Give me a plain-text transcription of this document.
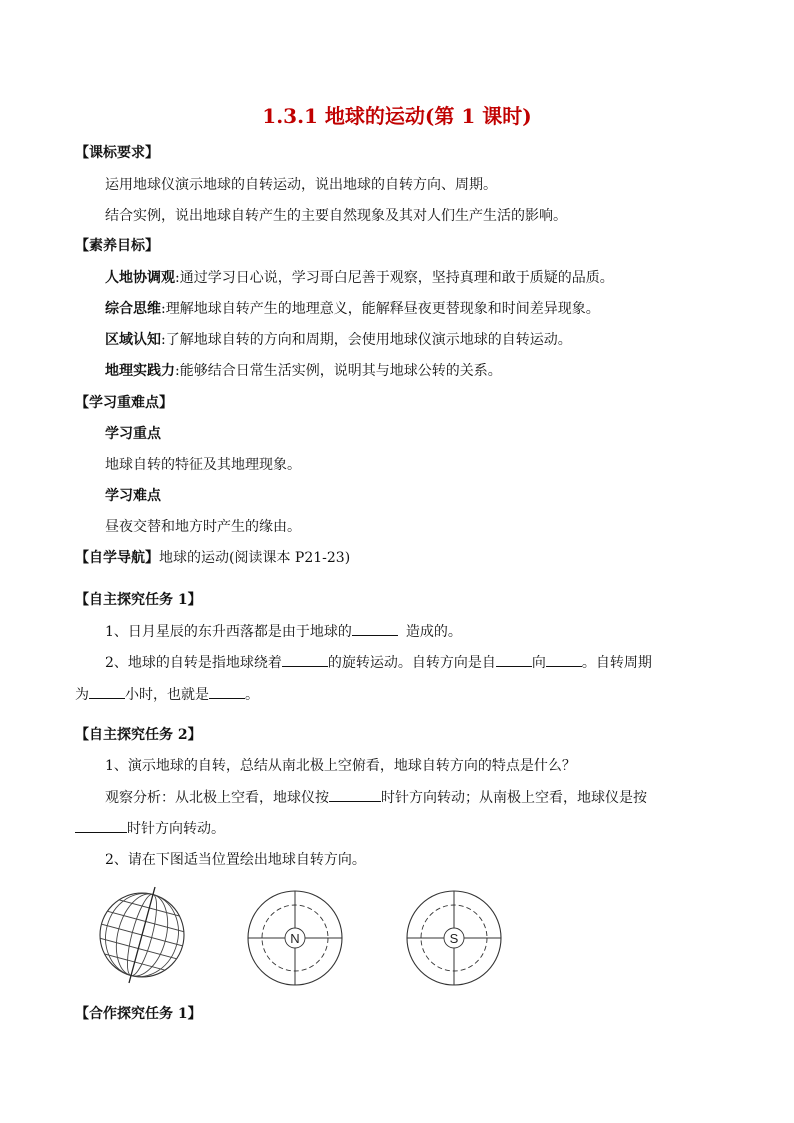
1.3.1 地球的运动(第 1 课时)
【课标要求】
运用地球仪演示地球的自转运动，说出地球的自转方向、周期。
结合实例，说出地球自转产生的主要自然现象及其对人们生产生活的影响。
【素养目标】
人地协调观:通过学习日心说，学习哥白尼善于观察，坚持真理和敢于质疑的品质。
综合思维:理解地球自转产生的地理意义，能解释昼夜更替现象和时间差异现象。
区域认知:了解地球自转的方向和周期，会使用地球仪演示地球的自转运动。
地理实践力:能够结合日常生活实例，说明其与地球公转的关系。
【学习重难点】
学习重点
地球自转的特征及其地理现象。
学习难点
昼夜交替和地方时产生的缘由。
【自学导航】地球的运动(阅读课本 P21-23)
【自主探究任务 1】
1、日月星辰的东升西落都是由于地球的	造成的。
2、地球的自转是指地球绕着	的旋转运动。自转方向是自	向	。自转周期
为	小时，也就是	。
【自主探究任务 2】
1、演示地球的自转，总结从南北极上空俯看，地球自转方向的特点是什么？
观察分析：从北极上空看，地球仪按	时针方向转动；从南极上空看，地球仪是按
时针方向转动。
2、请在下图适当位置绘出地球自转方向。
N	S
【合作探究任务 1】
